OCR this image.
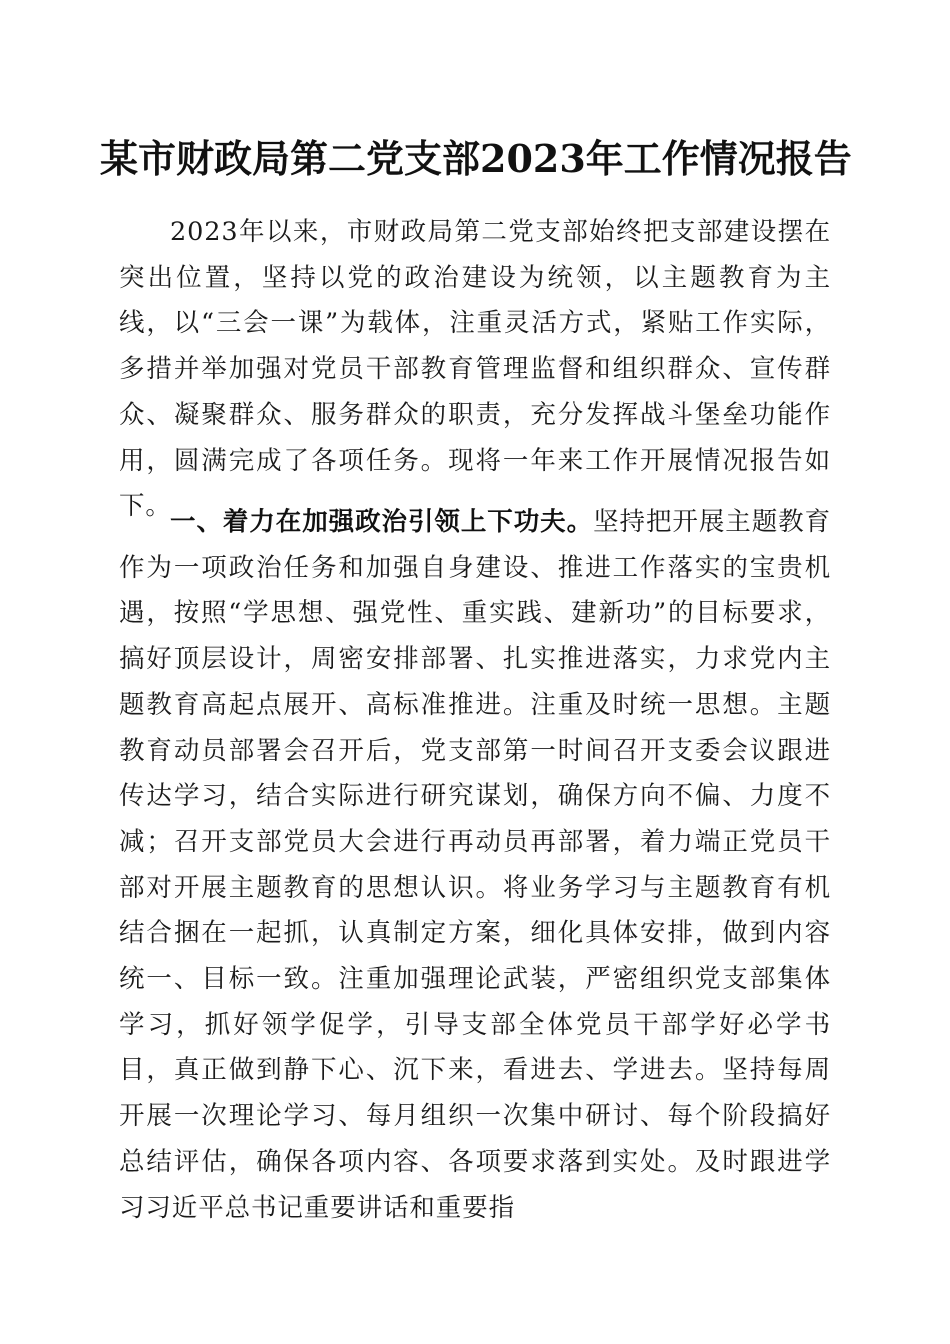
某市财政局第二党支部2023年工作情况报告

2023年以来，市财政局第二党支部始终把支部建设摆在突出位置，坚持以党的政治建设为统领，以主题教育为主线，以“三会一课”为载体，注重灵活方式，紧贴工作实际，多措并举加强对党员干部教育管理监督和组织群众、宣传群众、凝聚群众、服务群众的职责，充分发挥战斗堡垒功能作用，圆满完成了各项任务。现将一年来工作开展情况报告如下。

一、着力在加强政治引领上下功夫。坚持把开展主题教育作为一项政治任务和加强自身建设、推进工作落实的宝贵机遇，按照“学思想、强党性、重实践、建新功”的目标要求，搞好顶层设计，周密安排部署、扎实推进落实，力求党内主题教育高起点展开、高标准推进。注重及时统一思想。主题教育动员部署会召开后，党支部第一时间召开支委会议跟进传达学习，结合实际进行研究谋划，确保方向不偏、力度不减；召开支部党员大会进行再动员再部署，着力端正党员干部对开展主题教育的思想认识。将业务学习与主题教育有机结合捆在一起抓，认真制定方案，细化具体安排，做到内容统一、目标一致。注重加强理论武装，严密组织党支部集体学习，抓好领学促学，引导支部全体党员干部学好必学书目，真正做到静下心、沉下来，看进去、学进去。坚持每周开展一次理论学习、每月组织一次集中研讨、每个阶段搞好总结评估，确保各项内容、各项要求落到实处。及时跟进学习习近平总书记重要讲话和重要指
